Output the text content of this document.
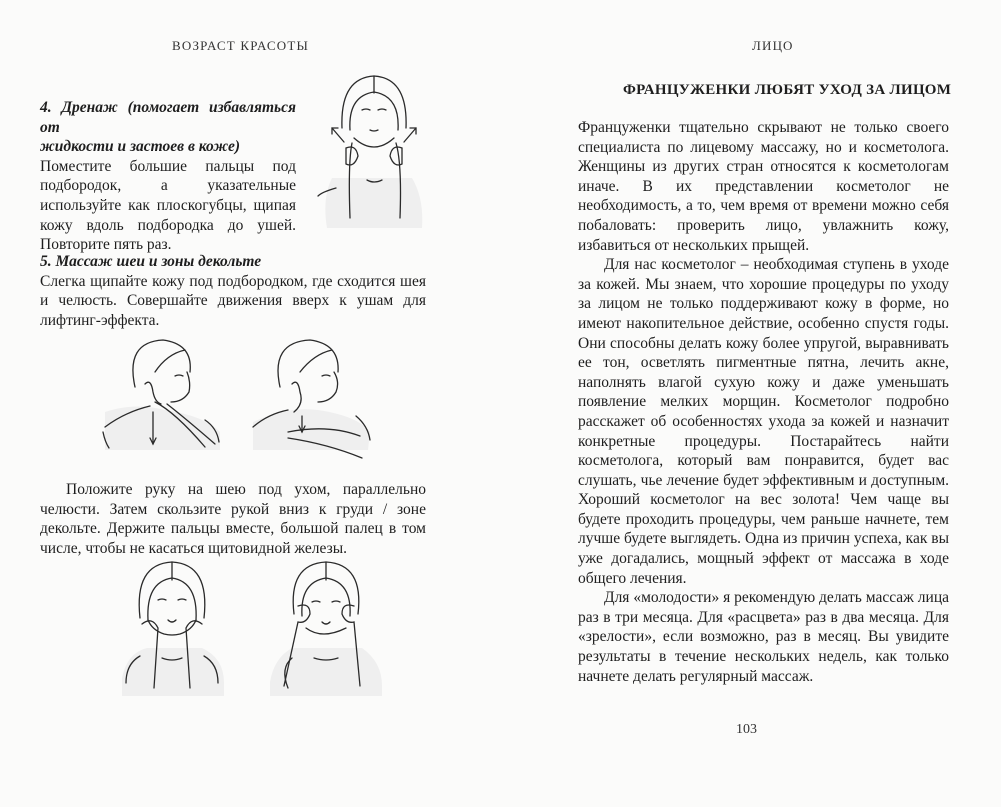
ВОЗРАСТ КРАСОТЫ

4. Дренаж (помогает избавляться от

жидкости и застоев в коже)

Поместите большие пальцы под подбородок, а указательные используйте как плоскогубцы, щипая кожу вдоль подбородка до ушей. Повторите пять раз.

5. Массаж шеи и зоны декольте

Слегка щипайте кожу под подбородком, где сходится шея и челюсть. Совершайте движения вверх к ушам для лифтинг-эффекта.

Положите руку на шею под ухом, параллельно челюсти. Затем скользите рукой вниз к груди / зоне декольте. Держите пальцы вместе, большой палец в том числе, чтобы не касаться щитовидной железы.

ЛИЦО
ФРАНЦУЖЕНКИ ЛЮБЯТ УХОД ЗА ЛИЦОМ

Француженки тщательно скрывают не только своего специалиста по лицевому массажу, но и косметолога. Женщины из других стран относятся к косметологам иначе. В их представлении косметолог не необходимость, а то, чем время от времени можно себя побаловать: проверить лицо, увлажнить кожу, избавиться от нескольких прыщей.

Для нас косметолог – необходимая ступень в уходе за кожей. Мы знаем, что хорошие процедуры по уходу за лицом не только поддерживают кожу в форме, но имеют накопительное действие, особенно спустя годы. Они способны делать кожу более упругой, выравнивать ее тон, осветлять пигментные пятна, лечить акне, наполнять влагой сухую кожу и даже уменьшать появление мелких морщин. Косметолог подробно расскажет об особенностях ухода за кожей и назначит конкретные процедуры. Постарайтесь найти косметолога, который вам понравится, будет вас слушать, чье лечение будет эффективным и доступным. Хороший косметолог на вес золота! Чем чаще вы будете проходить процедуры, чем раньше начнете, тем лучше будете выглядеть. Одна из причин успеха, как вы уже догадались, мощный эффект от массажа в ходе общего лечения.

Для «молодости» я рекомендую делать массаж лица раз в три месяца. Для «расцвета» раз в два месяца. Для «зрелости», если возможно, раз в месяц. Вы увидите результаты в течение нескольких недель, как только начнете делать регулярный массаж.

103
